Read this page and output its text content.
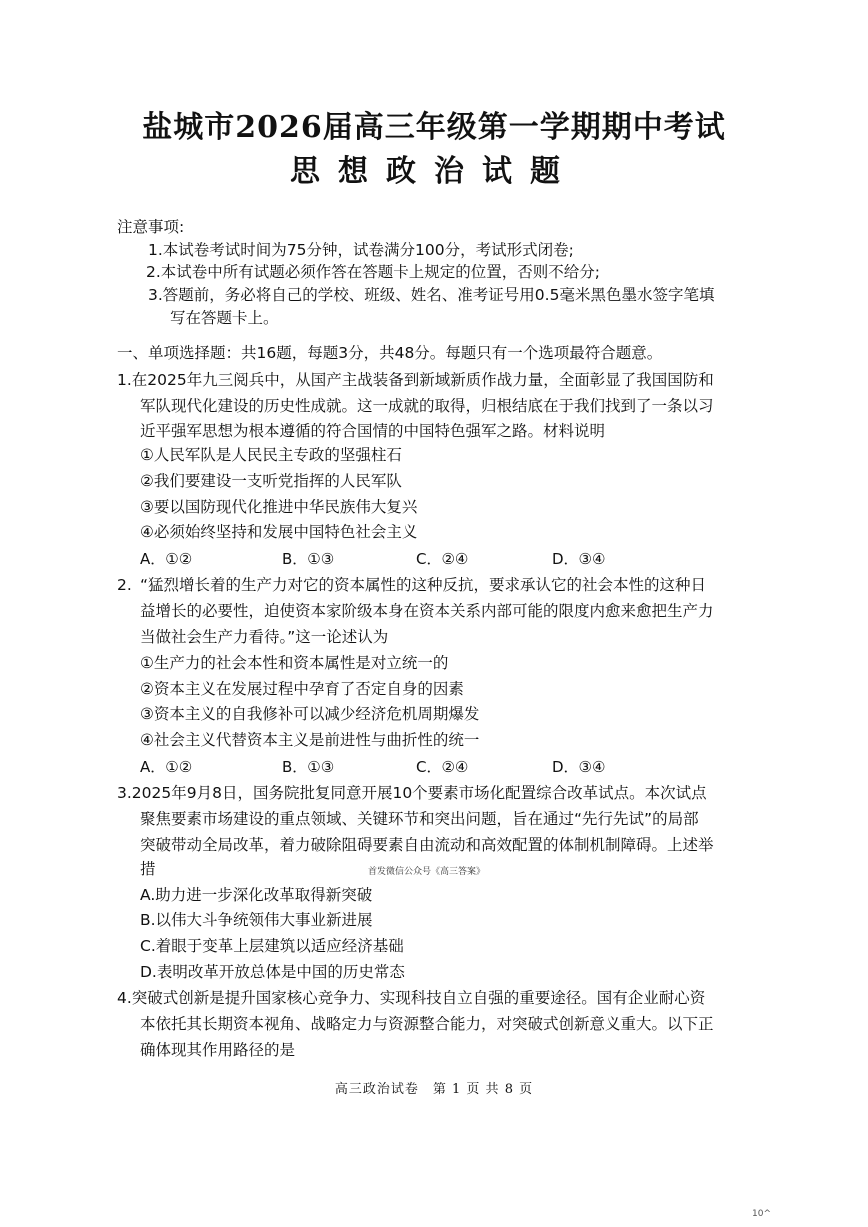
盐城市2026届高三年级第一学期期中考试
思想政治试题
注意事项:
1.本试卷考试时间为75分钟，试卷满分100分，考试形式闭卷;
2.本试卷中所有试题必须作答在答题卡上规定的位置，否则不给分;
3.答题前，务必将自己的学校、班级、姓名、准考证号用0.5毫米黑色墨水签字笔填
写在答题卡上。
一、单项选择题：共16题，每题3分，共48分。每题只有一个选项最符合题意。
1.在2025年九三阅兵中，从国产主战装备到新域新质作战力量，全面彰显了我国国防和
军队现代化建设的历史性成就。这一成就的取得，归根结底在于我们找到了一条以习
近平强军思想为根本遵循的符合国情的中国特色强军之路。材料说明
①人民军队是人民民主专政的坚强柱石
②我们要建设一支听党指挥的人民军队
③要以国防现代化推进中华民族伟大复兴
④必须始终坚持和发展中国特色社会主义
A．①②	B．①③	C．②④	D．③④
2. “猛烈增长着的生产力对它的资本属性的这种反抗，要求承认它的社会本性的这种日
益增长的必要性，迫使资本家阶级本身在资本关系内部可能的限度内愈来愈把生产力
当做社会生产力看待。”这一论述认为
①生产力的社会本性和资本属性是对立统一的
②资本主义在发展过程中孕育了否定自身的因素
③资本主义的自我修补可以减少经济危机周期爆发
④社会主义代替资本主义是前进性与曲折性的统一
A．①②	B．①③	C．②④	D．③④
3.2025年9月8日，国务院批复同意开展10个要素市场化配置综合改革试点。本次试点
聚焦要素市场建设的重点领域、关键环节和突出问题，旨在通过“先行先试”的局部
突破带动全局改革，着力破除阻碍要素自由流动和高效配置的体制机制障碍。上述举
措	首发微信公众号《高三答案》
A.助力进一步深化改革取得新突破
B.以伟大斗争统领伟大事业新进展
C.着眼于变革上层建筑以适应经济基础
D.表明改革开放总体是中国的历史常态
4.突破式创新是提升国家核心竞争力、实现科技自立自强的重要途径。国有企业耐心资
本依托其长期资本视角、战略定力与资源整合能力，对突破式创新意义重大。以下正
确体现其作用路径的是
高三政治试卷　第 1 页 共 8 页
10^
